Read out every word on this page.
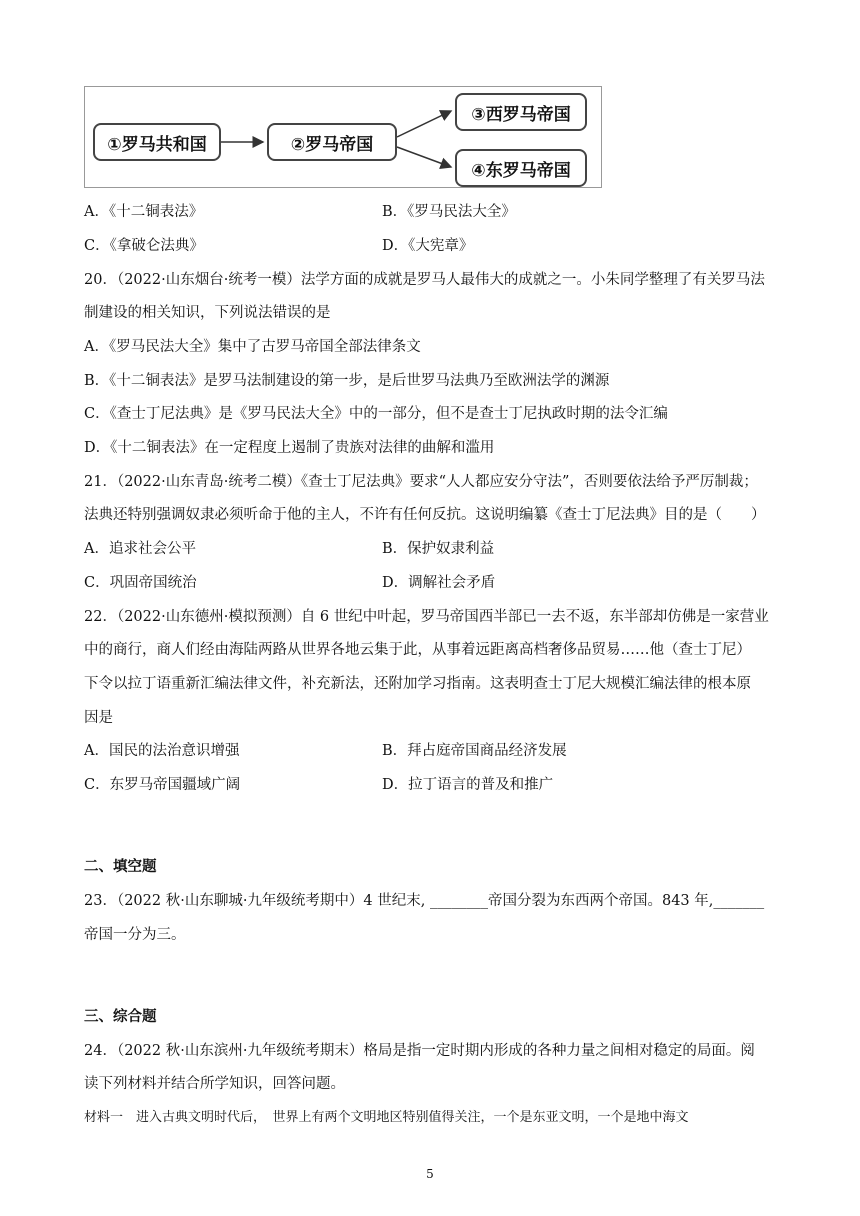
①罗马共和国	②罗马帝国
③西罗马帝国
④东罗马帝国
A．《十二铜表法》	B．《罗马民法大全》
C．《拿破仑法典》	D．《大宪章》
20．（2022·山东烟台·统考一模）法学方面的成就是罗马人最伟大的成就之一。小朱同学整理了有关罗马法
制建设的相关知识，下列说法错误的是
A．《罗马民法大全》集中了古罗马帝国全部法律条文
B．《十二铜表法》是罗马法制建设的第一步，是后世罗马法典乃至欧洲法学的渊源
C．《查士丁尼法典》是《罗马民法大全》中的一部分，但不是查士丁尼执政时期的法令汇编
D．《十二铜表法》在一定程度上遏制了贵族对法律的曲解和滥用
21．（2022·山东青岛·统考二模）《查士丁尼法典》要求“人人都应安分守法”，否则要依法给予严厉制裁；
法典还特别强调奴隶必须听命于他的主人，不许有任何反抗。这说明编纂《查士丁尼法典》目的是（　　）
A．追求社会公平	B．保护奴隶利益
C．巩固帝国统治	D．调解社会矛盾
22．（2022·山东德州·模拟预测）自 6 世纪中叶起，罗马帝国西半部已一去不返，东半部却仿佛是一家营业
中的商行，商人们经由海陆两路从世界各地云集于此，从事着远距离高档奢侈品贸易……他（查士丁尼）
下令以拉丁语重新汇编法律文件，补充新法，还附加学习指南。这表明查士丁尼大规模汇编法律的根本原
因是
A．国民的法治意识增强	B．拜占庭帝国商品经济发展
C．东罗马帝国疆域广阔	D．拉丁语言的普及和推广
二、填空题
23．（2022 秋·山东聊城·九年级统考期中）4 世纪末, ________帝国分裂为东西两个帝国。843 年,_______
帝国一分为三。
三、综合题
24．（2022 秋·山东滨州·九年级统考期末）格局是指一定时期内形成的各种力量之间相对稳定的局面。阅
读下列材料并结合所学知识，回答问题。
材料一　进入古典文明时代后，　世界上有两个文明地区特别值得关注，一个是东亚文明，一个是地中海文
5
